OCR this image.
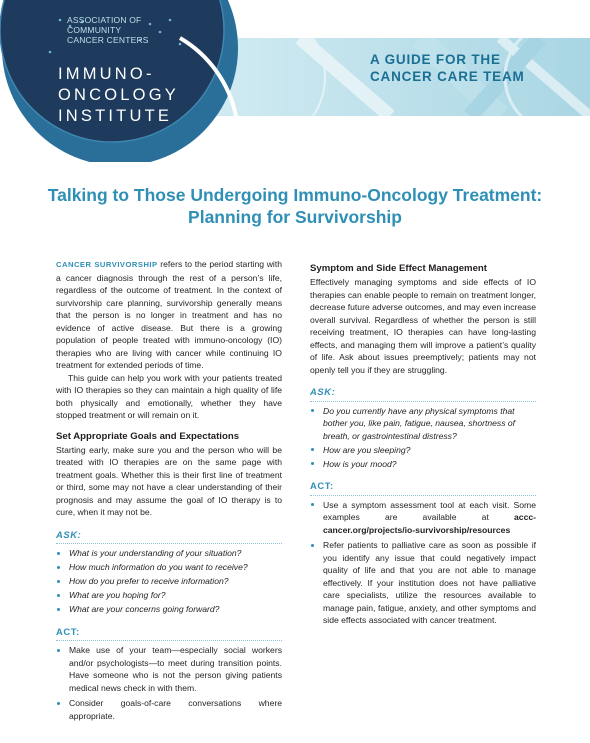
ASSOCIATION OF
COMMUNITY
CANCER CENTERS
IMMUNO-
ONCOLOGY
INSTITUTE
A GUIDE FOR THE
CANCER CARE TEAM
Talking to Those Undergoing Immuno-Oncology Treatment:
Planning for Survivorship

CANCER SURVIVORSHIP refers to the period starting with a cancer diagnosis through the rest of a person’s life, regardless of the outcome of treatment. In the context of survivorship care planning, survivorship generally means that the person is no longer in treatment and has no evidence of active disease. But there is a growing population of people treated with immuno-oncology (IO) therapies who are living with cancer while continuing IO treatment for extended periods of time.

This guide can help you work with your patients treated with IO therapies so they can maintain a high quality of life both physically and emotionally, whether they have stopped treatment or will remain on it.

Set Appropriate Goals and Expectations

Starting early, make sure you and the person who will be treated with IO therapies are on the same page with treatment goals. Whether this is their first line of treatment or third, some may not have a clear understanding of their prognosis and may assume the goal of IO therapy is to cure, when it may not be.

ASK:
What is your understanding of your situation?
How much information do you want to receive?
How do you prefer to receive information?
What are you hoping for?
What are your concerns going forward?
ACT:
Make use of your team—especially social workers and/or psychologists—to meet during transition points. Have someone who is not the person giving patients medical news check in with them.
Consider goals-of-care conversations where appropriate.
Symptom and Side Effect Management

Effectively managing symptoms and side effects of IO therapies can enable people to remain on treatment longer, decrease future adverse outcomes, and may even increase overall survival. Regardless of whether the person is still receiving treatment, IO therapies can have long-lasting effects, and managing them will improve a patient’s quality of life. Ask about issues preemptively; patients may not openly tell you if they are struggling.

ASK:
Do you currently have any physical symptoms that bother you, like pain, fatigue, nausea, shortness of breath, or gastrointestinal distress?
How are you sleeping?
How is your mood?
ACT:
Use a symptom assessment tool at each visit. Some examples are available at accc-cancer.org/projects/io-survivorship/resources
Refer patients to palliative care as soon as possible if you identify any issue that could negatively impact quality of life and that you are not able to manage effectively. If your institution does not have palliative care specialists, utilize the resources available to manage pain, fatigue, anxiety, and other symptoms and side effects associated with cancer treatment.
